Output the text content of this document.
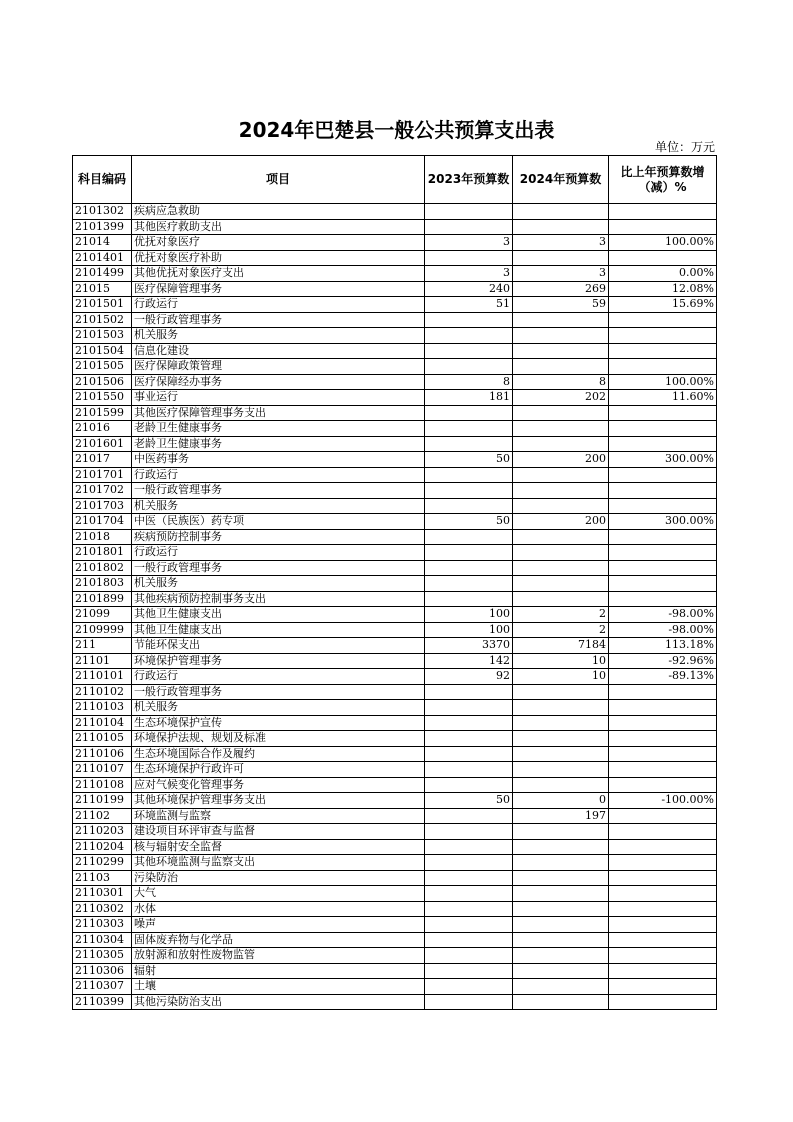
2024年巴楚县一般公共预算支出表
单位：万元
科目编码	项目	2023年预算数	2024年预算数	比上年预算数增（减）%
2101302	疾病应急救助			
2101399	其他医疗救助支出			
21014	优抚对象医疗	3	3	100.00%
2101401	优抚对象医疗补助			
2101499	其他优抚对象医疗支出	3	3	0.00%
21015	医疗保障管理事务	240	269	12.08%
2101501	行政运行	51	59	15.69%
2101502	一般行政管理事务			
2101503	机关服务			
2101504	信息化建设			
2101505	医疗保障政策管理			
2101506	医疗保障经办事务	8	8	100.00%
2101550	事业运行	181	202	11.60%
2101599	其他医疗保障管理事务支出			
21016	老龄卫生健康事务			
2101601	老龄卫生健康事务			
21017	中医药事务	50	200	300.00%
2101701	行政运行			
2101702	一般行政管理事务			
2101703	机关服务			
2101704	中医（民族医）药专项	50	200	300.00%
21018	疾病预防控制事务			
2101801	行政运行			
2101802	一般行政管理事务			
2101803	机关服务			
2101899	其他疾病预防控制事务支出			
21099	其他卫生健康支出	100	2	-98.00%
2109999	其他卫生健康支出	100	2	-98.00%
211	节能环保支出	3370	7184	113.18%
21101	环境保护管理事务	142	10	-92.96%
2110101	行政运行	92	10	-89.13%
2110102	一般行政管理事务			
2110103	机关服务			
2110104	生态环境保护宣传			
2110105	环境保护法规、规划及标准			
2110106	生态环境国际合作及履约			
2110107	生态环境保护行政许可			
2110108	应对气候变化管理事务			
2110199	其他环境保护管理事务支出	50	0	-100.00%
21102	环境监测与监察		197	
2110203	建设项目环评审查与监督			
2110204	核与辐射安全监督			
2110299	其他环境监测与监察支出			
21103	污染防治			
2110301	大气			
2110302	水体			
2110303	噪声			
2110304	固体废弃物与化学品			
2110305	放射源和放射性废物监管			
2110306	辐射			
2110307	土壤			
2110399	其他污染防治支出			
